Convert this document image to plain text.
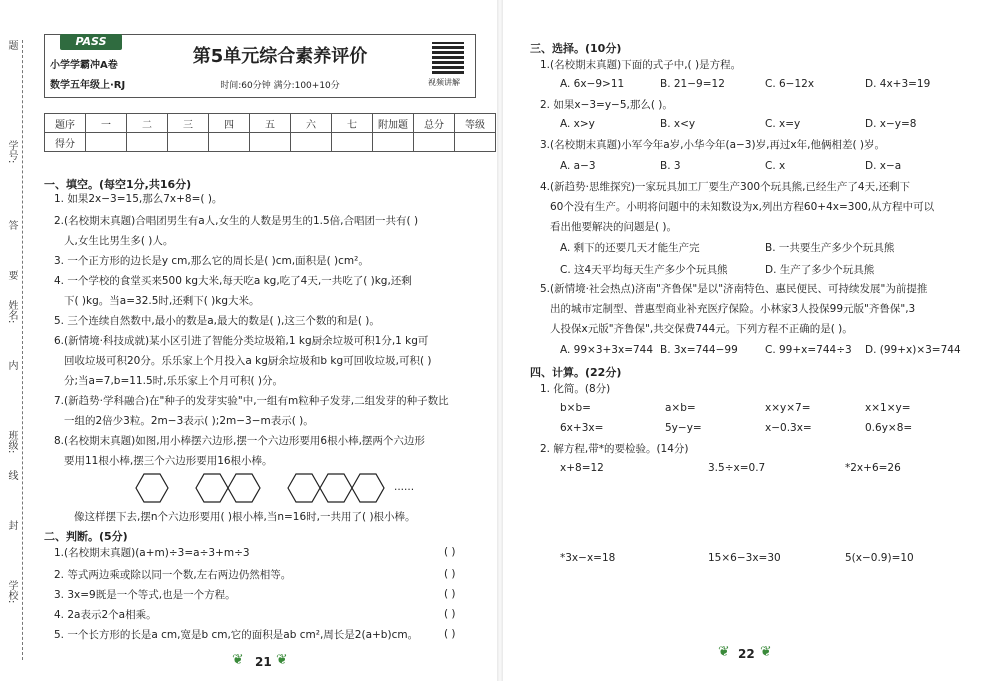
题
学号:
答
要
姓名:
内
班级:
线
封
学校:
PASS
小学学霸冲A卷
数学五年级上·RJ
第5单元综合素养评价
时间:60分钟 满分:100+10分	视频讲解
题序	一	二	三	四	五	六	七	附加题	总分	等级
得分										
一、填空。(每空1分,共16分)
1. 如果2x−3=15,那么7x+8=( )。
2.(名校期末真题)合唱团男生有a人,女生的人数是男生的1.5倍,合唱团一共有( )
人,女生比男生多( )人。
3. 一个正方形的边长是y cm,那么它的周长是( )cm,面积是( )cm²。
4. 一个学校的食堂买来500 kg大米,每天吃a kg,吃了4天,一共吃了( )kg,还剩
下( )kg。当a=32.5时,还剩下( )kg大米。
5. 三个连续自然数中,最小的数是a,最大的数是( ),这三个数的和是( )。
6.(新情境·科技成就)某小区引进了智能分类垃圾箱,1 kg厨余垃圾可积1分,1 kg可
回收垃圾可积20分。乐乐家上个月投入a kg厨余垃圾和b kg可回收垃圾,可积( )
分;当a=7,b=11.5时,乐乐家上个月可积( )分。
7.(新趋势·学科融合)在"种子的发芽实验"中,一组有m粒种子发芽,二组发芽的种子数比
一组的2倍少3粒。2m−3表示( );2m−3−m表示( )。
8.(名校期末真题)如图,用小棒摆六边形,摆一个六边形要用6根小棒,摆两个六边形
要用11根小棒,摆三个六边形要用16根小棒。
......
像这样摆下去,摆n个六边形要用( )根小棒,当n=16时,一共用了( )根小棒。
二、判断。(5分)
1.(名校期末真题)(a+m)÷3=a÷3+m÷3	( )
2. 等式两边乘或除以同一个数,左右两边仍然相等。	( )
3. 3x=9既是一个等式,也是一个方程。	( )
4. 2a表示2个a相乘。	( )
5. 一个长方形的长是a cm,宽是b cm,它的面积是ab cm²,周长是2(a+b)cm。 ( )
❦ 21 ❦
三、选择。(10分)
1.(名校期末真题)下面的式子中,( )是方程。
A. 6x−9>11	B. 21−9=12	C. 6−12x	D. 4x+3=19
2. 如果x−3=y−5,那么( )。
A. x>y	B. x<y	C. x=y	D. x−y=8
3.(名校期末真题)小军今年a岁,小华今年(a−3)岁,再过x年,他俩相差( )岁。
A. a−3	B. 3	C. x	D. x−a
4.(新趋势·思维探究)一家玩具加工厂要生产300个玩具熊,已经生产了4天,还剩下
60个没有生产。小明将问题中的未知数设为x,列出方程60+4x=300,从方程中可以
看出他要解决的问题是( )。
A. 剩下的还要几天才能生产完	B. 一共要生产多少个玩具熊
C. 这4天平均每天生产多少个玩具熊	D. 生产了多少个玩具熊
5.(新情境·社会热点)济南"齐鲁保"是以"济南特色、惠民便民、可持续发展"为前提推
出的城市定制型、普惠型商业补充医疗保险。小林家3人投保99元版"齐鲁保",3
人投保x元版"齐鲁保",共交保费744元。下列方程不正确的是( )。
A. 99×3+3x=744 B. 3x=744−99	C. 99+x=744÷3 D. (99+x)×3=744
四、计算。(22分)
1. 化简。(8分)
b×b=	a×b=	x×y×7=	x×1×y=
6x+3x=	5y−y=	x−0.3x=	0.6y×8=
2. 解方程,带*的要检验。(14分)
x+8=12	3.5÷x=0.7	*2x+6=26
*3x−x=18	15×6−3x=30	5(x−0.9)=10
❦ 22 ❦
